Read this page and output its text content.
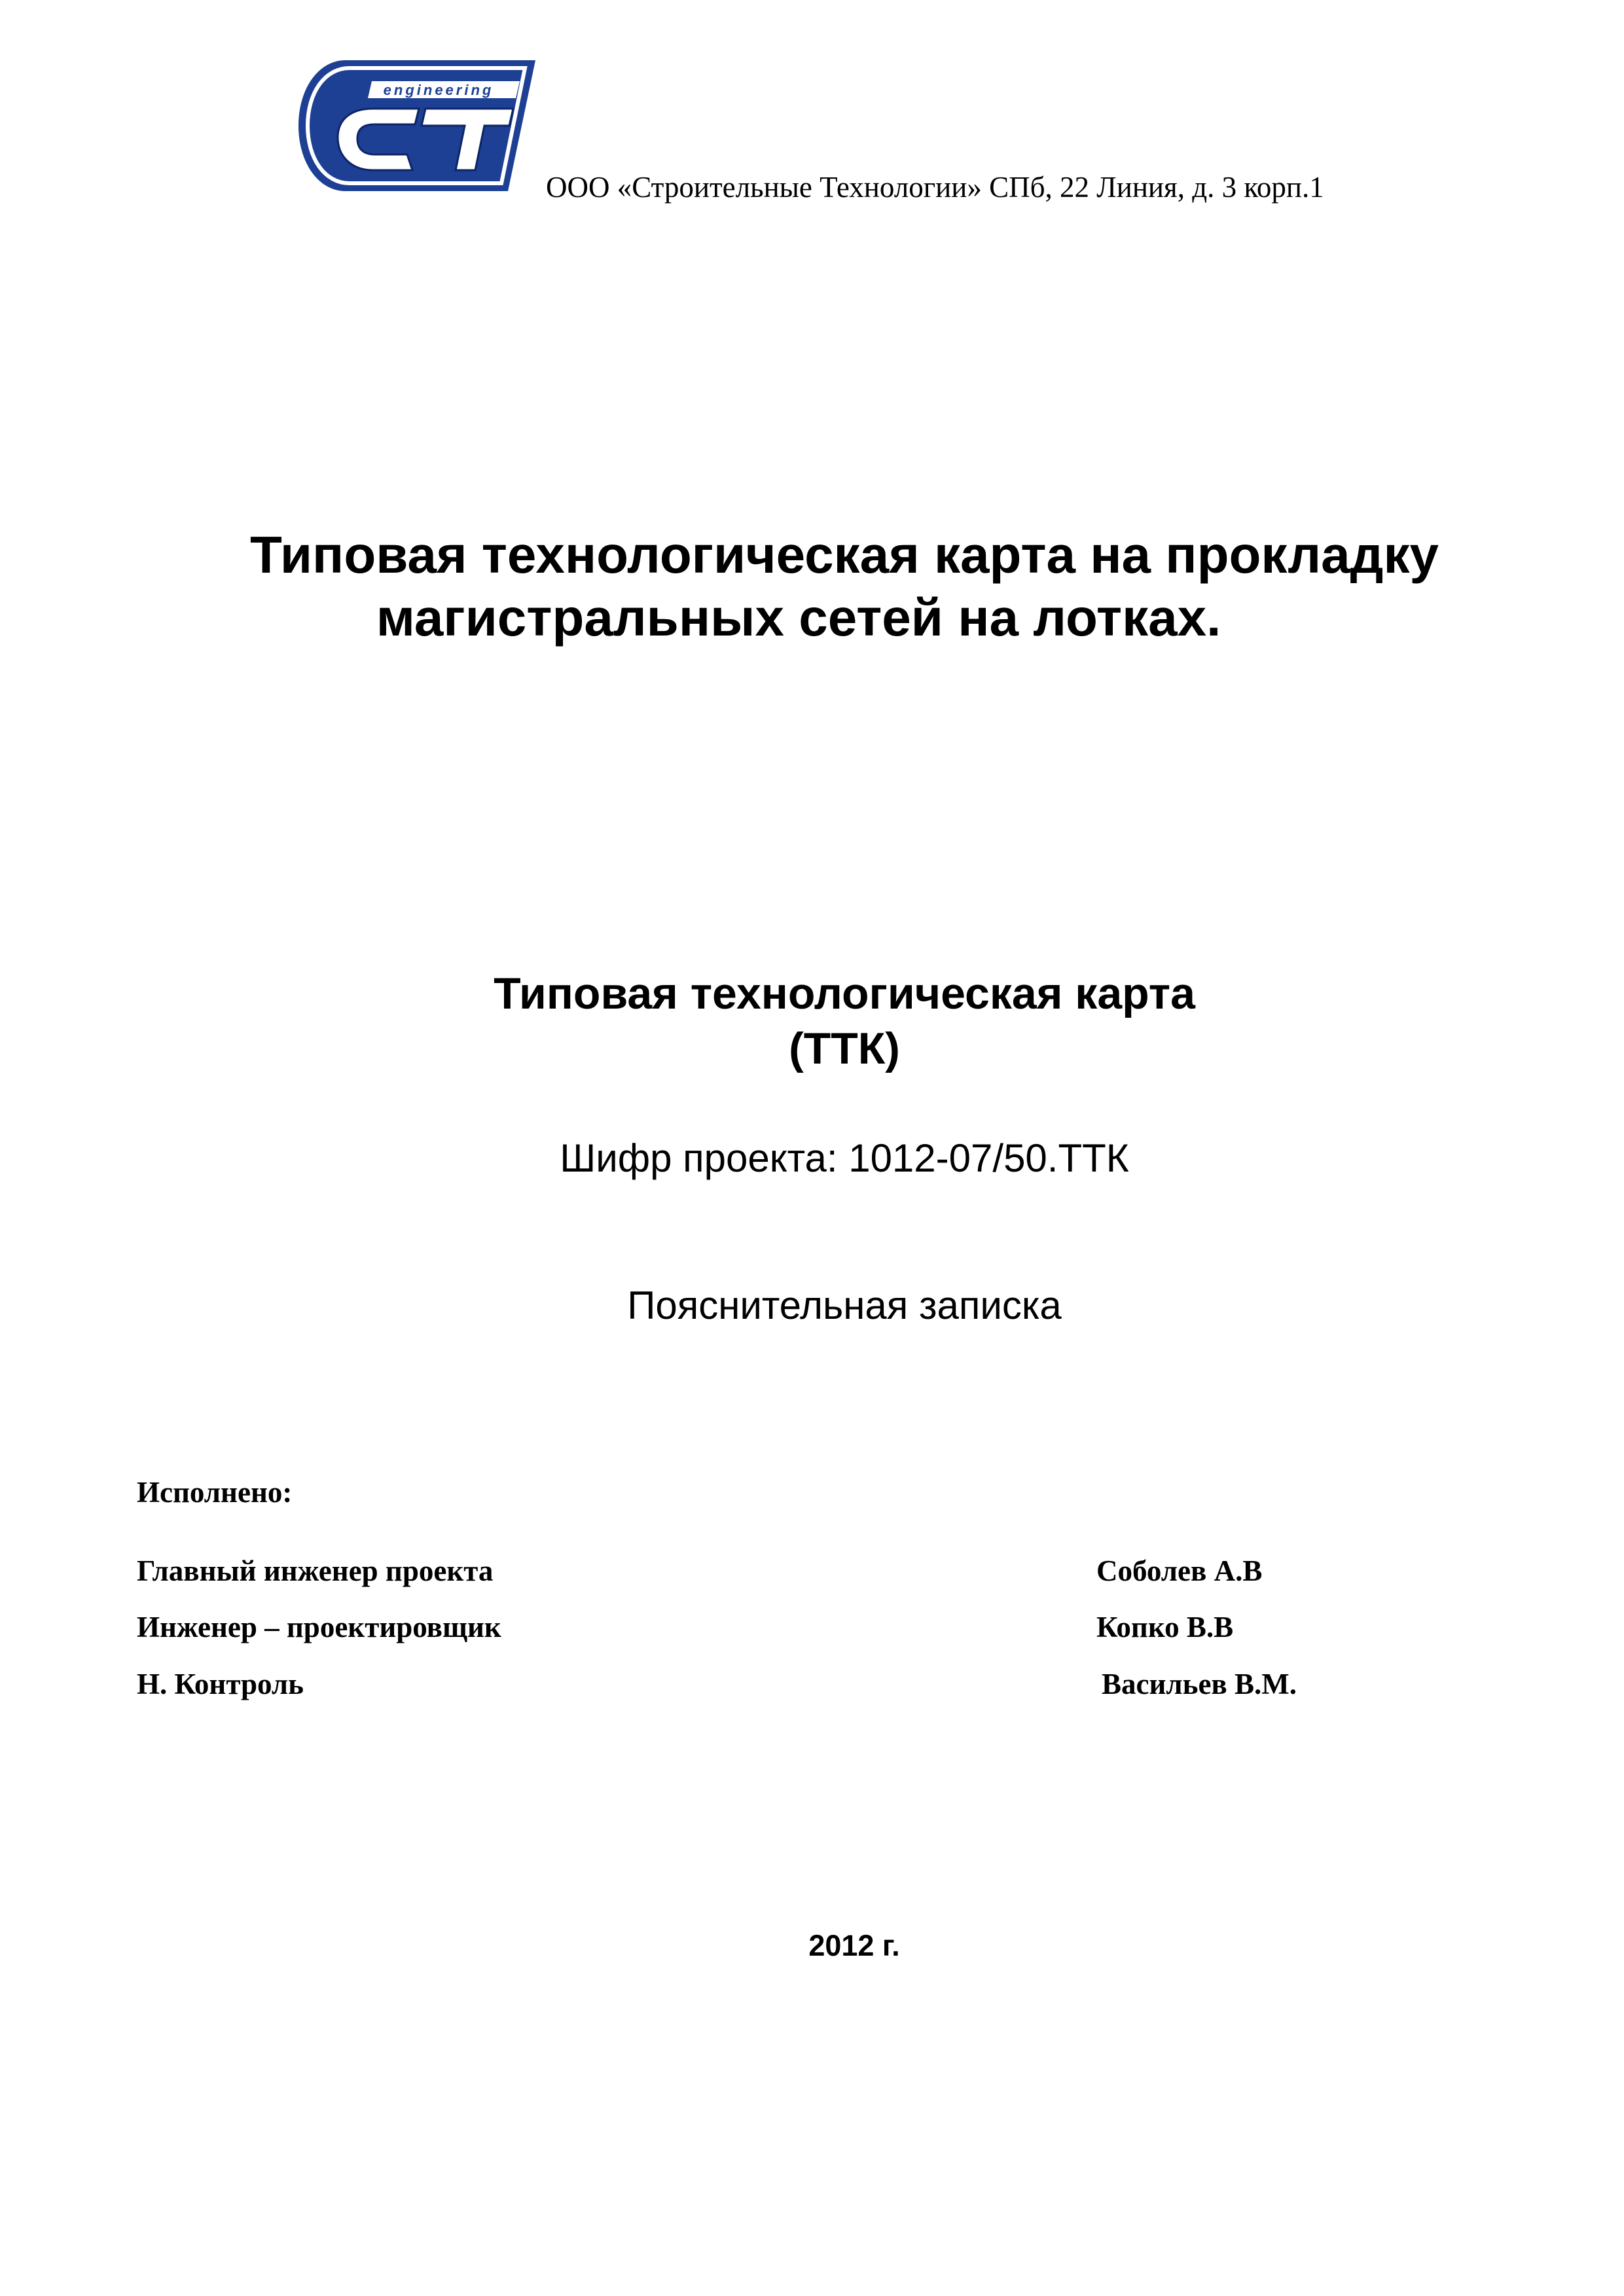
engineering
ООО «Строительные Технологии» СПб, 22 Линия, д. 3 корп.1
Типовая технологическая карта на прокладку
магистральных сетей на лотках.
Типовая технологическая карта
(ТТК)
Шифр проекта: 1012-07/50.ТТК
Пояснительная записка
Исполнено:
Главный инженер проекта	Соболев А.В
Инженер – проектировщик	Копко В.В
Н. Контроль	Васильев В.М.
2012 г.
